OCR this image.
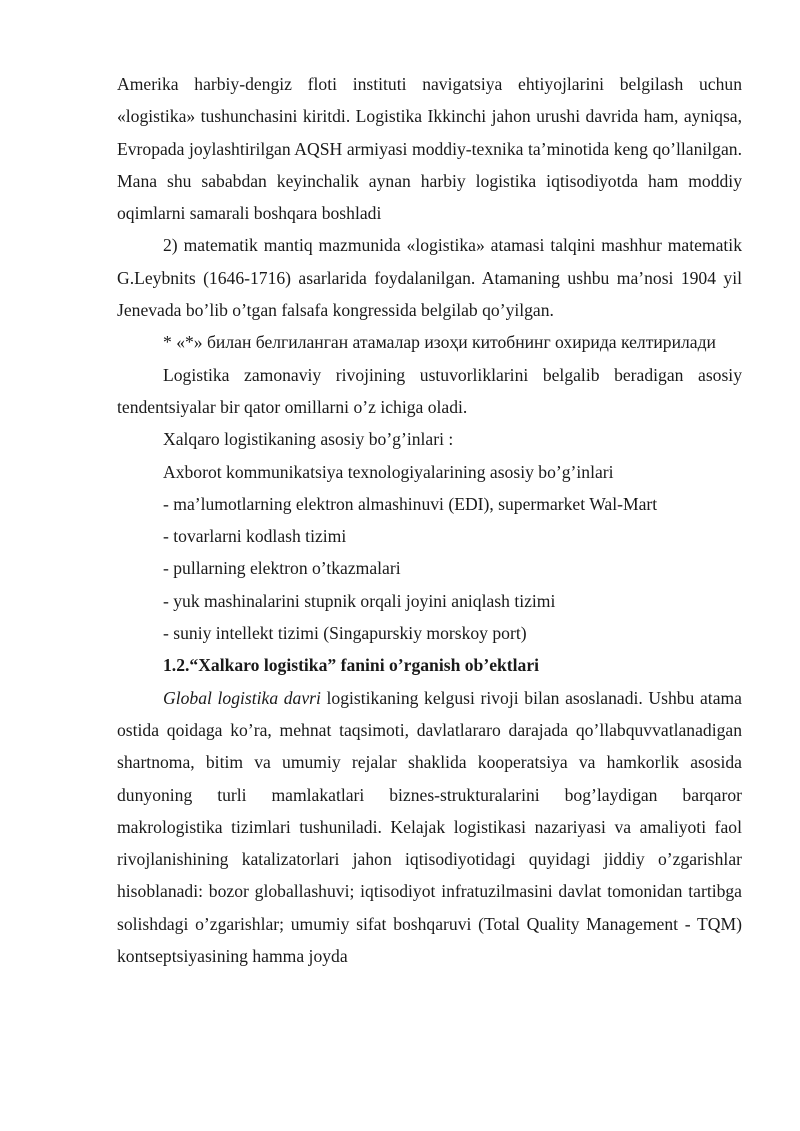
Amerika harbiy-dengiz floti instituti navigatsiya ehtiyojlarini belgilash uchun «logistika» tushunchasini kiritdi. Logistika Ikkinchi jahon urushi davrida ham, ayniqsa, Evropada joylashtirilgan AQSH armiyasi moddiy-texnika ta’minotida keng qo’llanilgan. Mana shu sababdan keyinchalik aynan harbiy logistika iqtisodiyotda ham moddiy oqimlarni samarali boshqara boshladi

2) matematik mantiq mazmunida «logistika» atamasi talqini mashhur matematik G.Leybnits (1646-1716) asarlarida foydalanilgan. Atamaning ushbu ma’nosi 1904 yil Jenevada bo’lib o’tgan falsafa kongressida belgilab qo’yilgan.

* «*» билан белгиланган атамалар изоҳи китобнинг охирида келтирилади

Logistika zamonaviy rivojining ustuvorliklarini belgalib beradigan asosiy tendentsiyalar bir qator omillarni o’z ichiga oladi.

Xalqaro logistikaning asosiy bo’g’inlari :

Axborot kommunikatsiya texnologiyalarining asosiy bo’g’inlari

- ma’lumotlarning elektron almashinuvi (EDI), supermarket Wal-Mart

- tovarlarni kodlash tizimi

- pullarning elektron o’tkazmalari

- yuk mashinalarini stupnik orqali joyini aniqlash tizimi

- suniy intellekt tizimi (Singapurskiy morskoy port)

1.2.“Xalkaro logistika” fanini o’rganish ob’ektlari

Global logistika davri logistikaning kelgusi rivoji bilan asoslanadi. Ushbu atama ostida qoidaga ko’ra, mehnat taqsimoti, davlatlararo darajada qo’llabquvvatlanadigan shartnoma, bitim va umumiy rejalar shaklida kooperatsiya va hamkorlik asosida dunyoning turli mamlakatlari biznes-strukturalarini bog’laydigan barqaror makrologistika tizimlari tushuniladi. Kelajak logistikasi nazariyasi va amaliyoti faol rivojlanishining katalizatorlari jahon iqtisodiyotidagi quyidagi jiddiy o’zgarishlar hisoblanadi: bozor globallashuvi; iqtisodiyot infratuzilmasini davlat tomonidan tartibga solishdagi o’zgarishlar; umumiy sifat boshqaruvi (Total Quality Management - TQM) kontseptsiyasining hamma joyda
